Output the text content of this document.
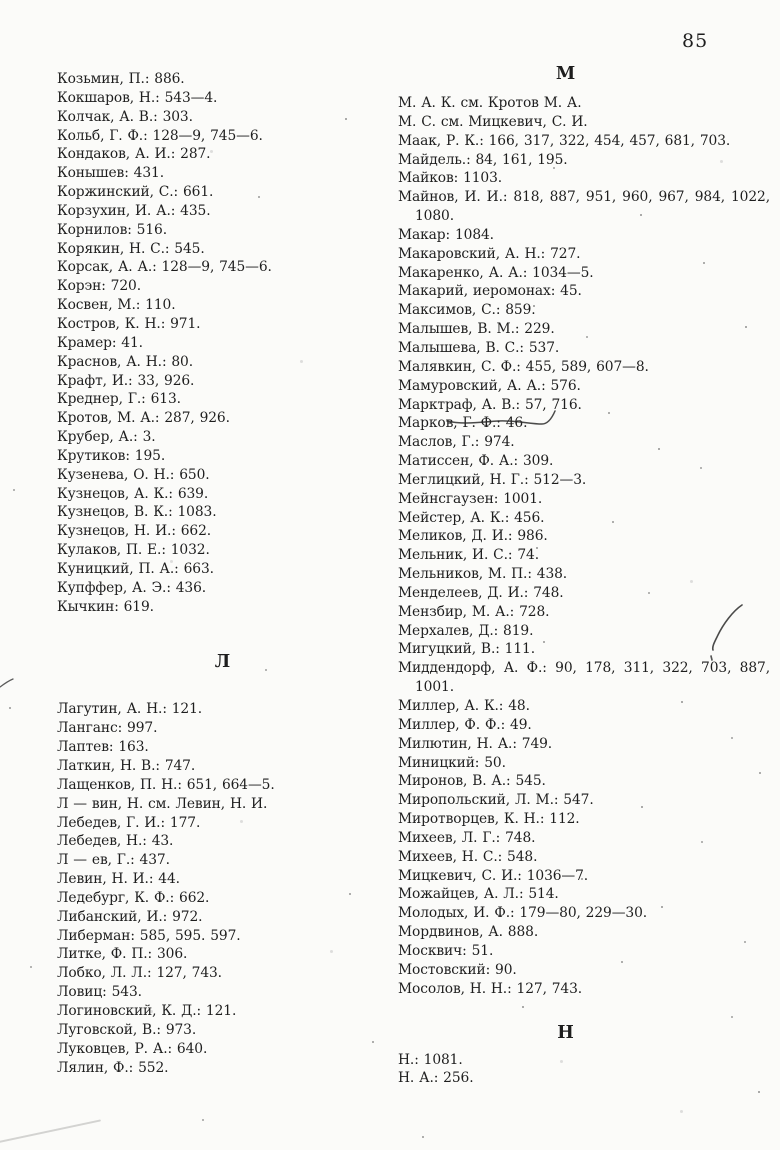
85
Козьмин, П.: 886.
Кокшаров, Н.: 543—4.
Колчак, А. В.: 303.
Кольб, Г. Ф.: 128—9, 745—6.
Кондаков, А. И.: 287.
Конышев: 431.
Коржинский, С.: 661.
Корзухин, И. А.: 435.
Корнилов: 516.
Корякин, Н. С.: 545.
Корсак, А. А.: 128—9, 745—6.
Корэн: 720.
Косвен, М.: 110.
Костров, К. Н.: 971.
Крамер: 41.
Краснов, А. Н.: 80.
Крафт, И.: 33, 926.
Креднер, Г.: 613.
Кротов, М. А.: 287, 926.
Крубер, А.: 3.
Крутиков: 195.
Кузенева, О. Н.: 650.
Кузнецов, А. К.: 639.
Кузнецов, В. К.: 1083.
Кузнецов, Н. И.: 662.
Кулаков, П. Е.: 1032.
Куницкий, П. А.: 663.
Купффер, А. Э.: 436.
Кычкин: 619.
Л
Лагутин, А. Н.: 121.
Ланганс: 997.
Лаптев: 163.
Латкин, Н. В.: 747.
Лащенков, П. Н.: 651, 664—5.
Л — вин, Н. см. Левин, Н. И.
Лебедев, Г. И.: 177.
Лебедев, Н.: 43.
Л — ев, Г.: 437.
Левин, Н. И.: 44.
Ледебург, К. Ф.: 662.
Либанский, И.: 972.
Либерман: 585, 595. 597.
Литке, Ф. П.: 306.
Лобко, Л. Л.: 127, 743.
Ловиц: 543.
Логиновский, К. Д.: 121.
Луговской, В.: 973.
Луковцев, Р. А.: 640.
Лялин, Ф.: 552.
М
М. А. К. см. Кротов М. А.
М. С. см. Мицкевич, С. И.
Маак, Р. К.: 166, 317, 322, 454, 457, 681, 703.
Майдель.: 84, 161, 195.
Майков: 1103.
Майнов, И. И.: 818, 887, 951, 960, 967, 984, 1022, 1080.
Макар: 1084.
Макаровский, А. Н.: 727.
Макаренко, А. А.: 1034—5.
Макарий, иеромонах: 45.
Максимов, С.: 859.
Малышев, В. М.: 229.
Малышева, В. С.: 537.
Малявкин, С. Ф.: 455, 589, 607—8.
Мамуровский, А. А.: 576.
Марктраф, А. В.: 57, 716.
Марков, Г. Ф.: 46.
Маслов, Г.: 974.
Матиссен, Ф. А.: 309.
Меглицкий, Н. Г.: 512—3.
Мейнсгаузен: 1001.
Мейстер, А. К.: 456.
Меликов, Д. И.: 986.
Мельник, И. С.: 74.
Мельников, М. П.: 438.
Менделеев, Д. И.: 748.
Мензбир, М. А.: 728.
Мерхалев, Д.: 819.
Мигуцкий, В.: 111.
Миддендорф, А. Ф.: 90, 178, 311, 322, 703, 887, 1001.
Миллер, А. К.: 48.
Миллер, Ф. Ф.: 49.
Милютин, Н. А.: 749.
Миницкий: 50.
Миронов, В. А.: 545.
Миропольский, Л. М.: 547.
Миротворцев, К. Н.: 112.
Михеев, Л. Г.: 748.
Михеев, Н. С.: 548.
Мицкевич, С. И.: 1036—7.
Можайцев, А. Л.: 514.
Молодых, И. Ф.: 179—80, 229—30.
Мордвинов, А. 888.
Москвич: 51.
Мостовский: 90.
Мосолов, Н. Н.: 127, 743.
Н
Н.: 1081.
Н. А.: 256.
